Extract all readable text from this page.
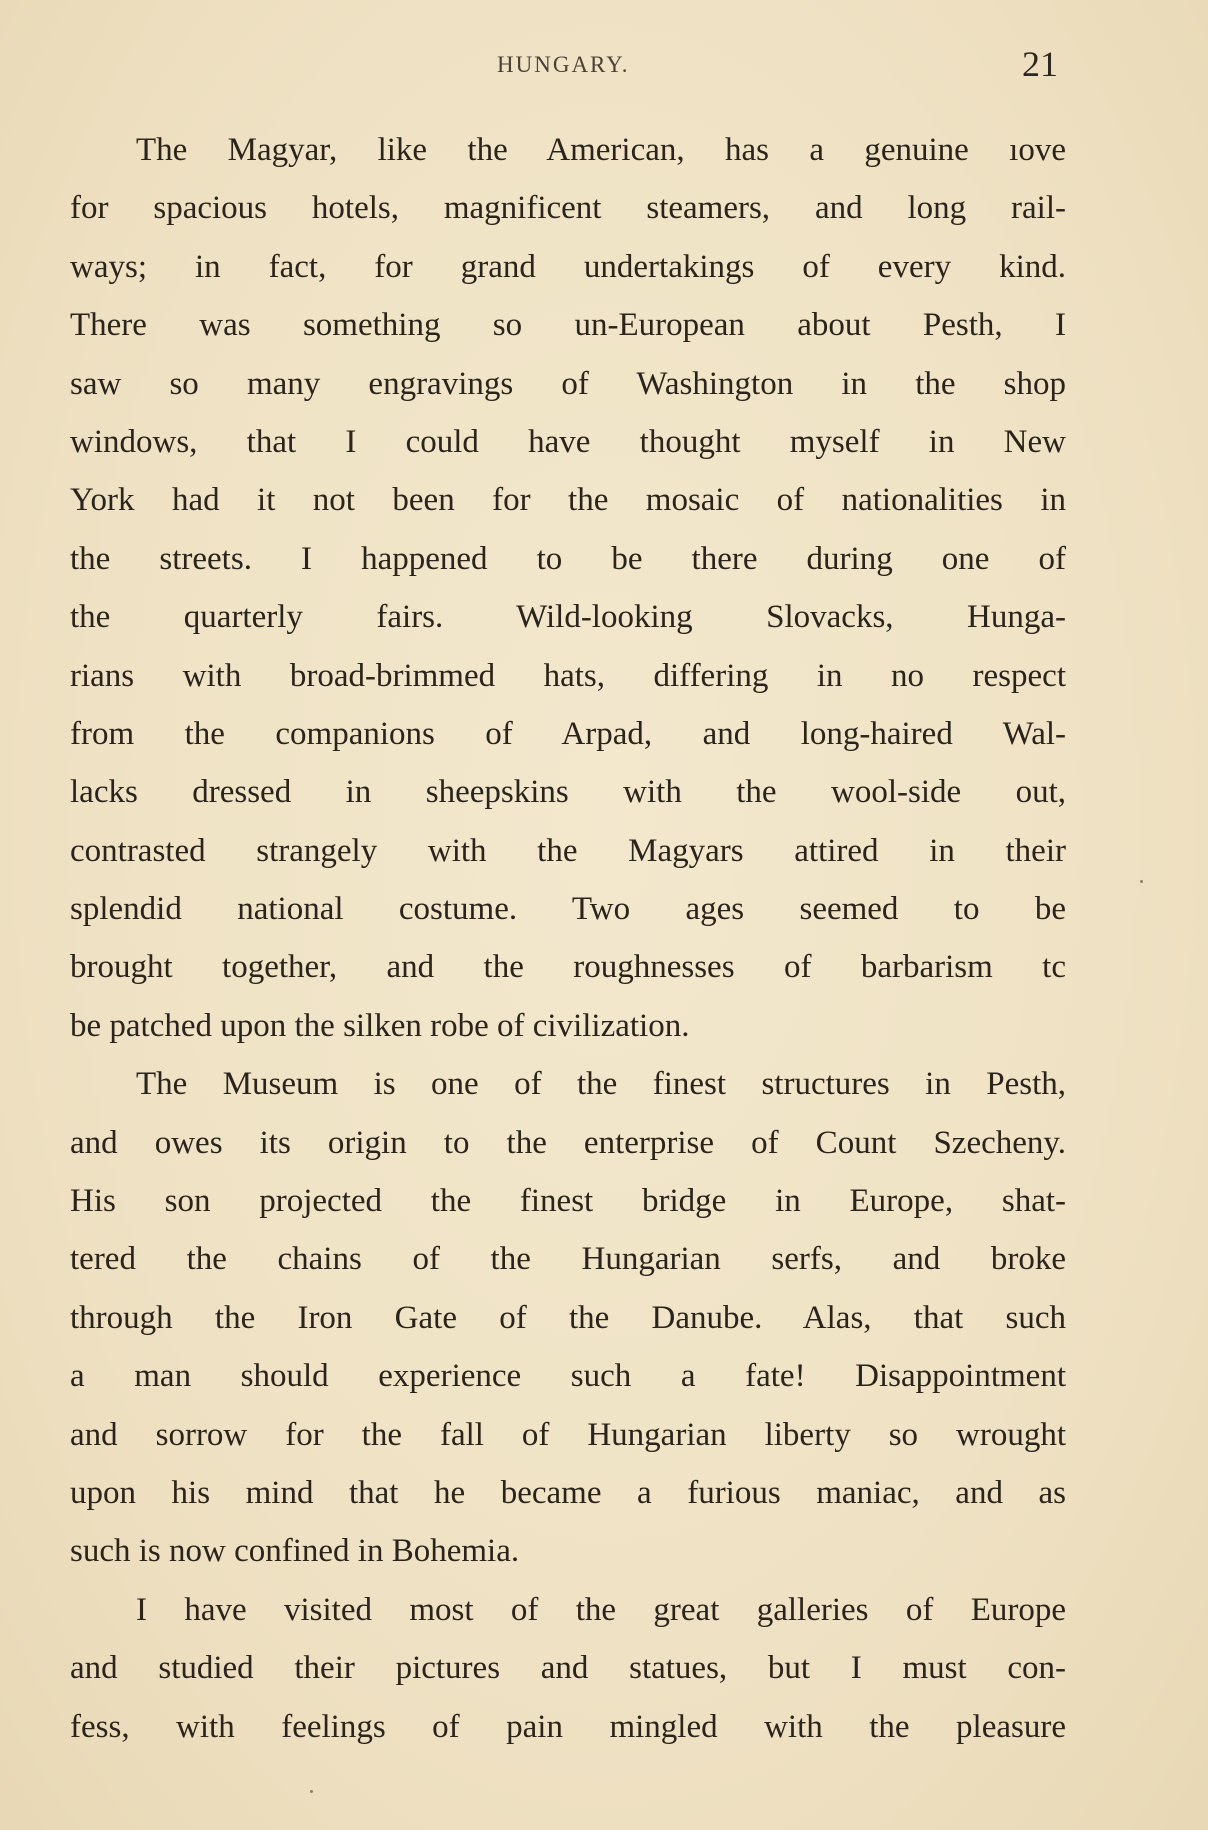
HUNGARY.	21
The Magyar, like the American, has a genuine ıove
for spacious hotels, magnificent steamers, and long rail-
ways; in fact, for grand undertakings of every kind.
There was something so un-European about Pesth, I
saw so many engravings of Washington in the shop
windows, that I could have thought myself in New
York had it not been for the mosaic of nationalities in
the streets. I happened to be there during one of
the quarterly fairs. Wild-looking Slovacks, Hunga-
rians with broad-brimmed hats, differing in no respect
from the companions of Arpad, and long-haired Wal-
lacks dressed in sheepskins with the wool-side out,
contrasted strangely with the Magyars attired in their
splendid national costume. Two ages seemed to be
brought together, and the roughnesses of barbarism tc
be patched upon the silken robe of civilization.
The Museum is one of the finest structures in Pesth,
and owes its origin to the enterprise of Count Szecheny.
His son projected the finest bridge in Europe, shat-
tered the chains of the Hungarian serfs, and broke
through the Iron Gate of the Danube. Alas, that such
a man should experience such a fate! Disappointment
and sorrow for the fall of Hungarian liberty so wrought
upon his mind that he became a furious maniac, and as
such is now confined in Bohemia.
I have visited most of the great galleries of Europe
and studied their pictures and statues, but I must con-
fess, with feelings of pain mingled with the pleasure
